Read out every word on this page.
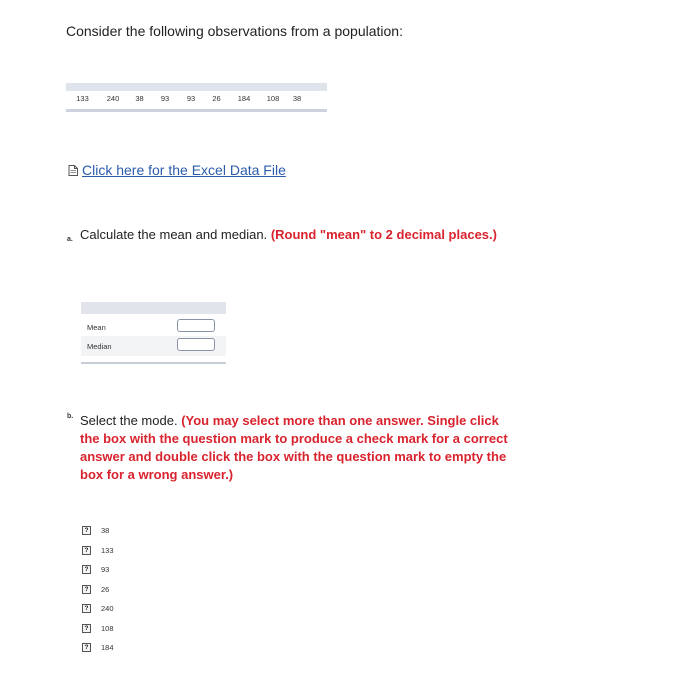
Consider the following observations from a population:
133	240	38	93	93	26	184	108	38
Click here for the Excel Data File
a. Calculate the mean and median. (Round "mean" to 2 decimal places.)
Mean
Median
b. Select the mode. (You may select more than one answer. Single click the box with the question mark to produce a check mark for a correct answer and double click the box with the question mark to empty the box for a wrong answer.)
?	38
?	133
?	93
?	26
?	240
?	108
?	184
